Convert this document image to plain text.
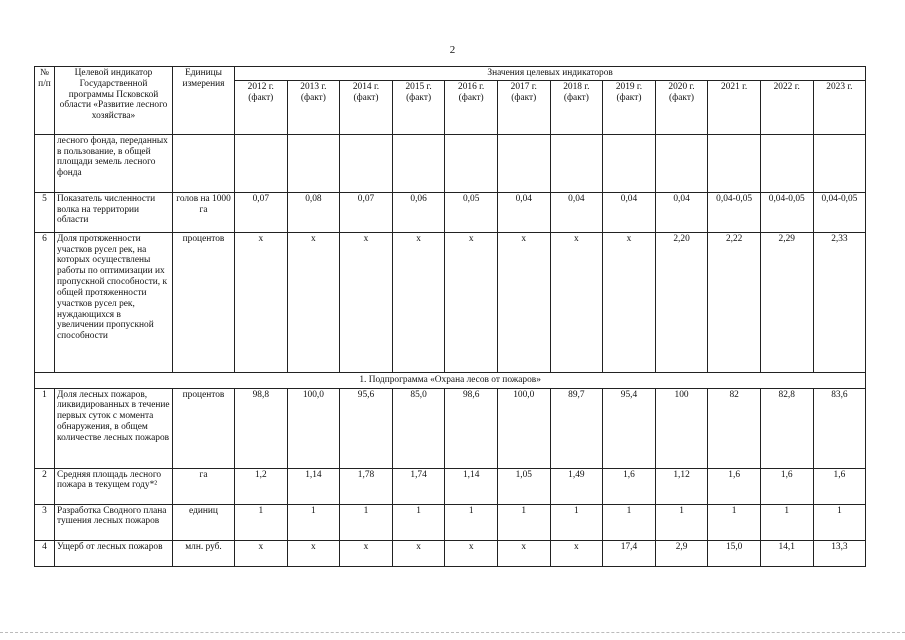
2
№ п/п	Целевой индикатор Государственной программы Псковской области «Развитие лесного хозяйства»	Единицы измерения	Значения целевых индикаторов											
			2012 г. (факт)	2013 г. (факт)	2014 г. (факт)	2015 г. (факт)	2016 г. (факт)	2017 г. (факт)	2018 г. (факт)	2019 г. (факт)	2020 г. (факт)	2021 г.	2022 г.	2023 г.
	лесного фонда, переданных в пользование, в общей площади земель лесного фонда													
5	Показатель численности волка на территории области	голов на 1000 га	0,07	0,08	0,07	0,06	0,05	0,04	0,04	0,04	0,04	0,04-0,05	0,04-0,05	0,04-0,05
6	Доля протяженности участков русел рек, на которых осуществлены работы по оптимизации их пропускной способности, к общей протяженности участков русел рек, нуждающихся в увеличении пропускной способности	процентов	x	x	x	x	x	x	x	x	2,20	2,22	2,29	2,33
1. Подпрограмма «Охрана лесов от пожаров»														
1	Доля лесных пожаров, ликвидированных в течение первых суток с момента обнаружения, в общем количестве лесных пожаров	процентов	98,8	100,0	95,6	85,0	98,6	100,0	89,7	95,4	100	82	82,8	83,6
2	Средняя площадь лесного пожара в текущем году*²	га	1,2	1,14	1,78	1,74	1,14	1,05	1,49	1,6	1,12	1,6	1,6	1,6
3	Разработка Сводного плана тушения лесных пожаров	единиц	1	1	1	1	1	1	1	1	1	1	1	1
4	Ущерб от лесных пожаров	млн. руб.	x	x	x	x	x	x	x	17,4	2,9	15,0	14,1	13,3
